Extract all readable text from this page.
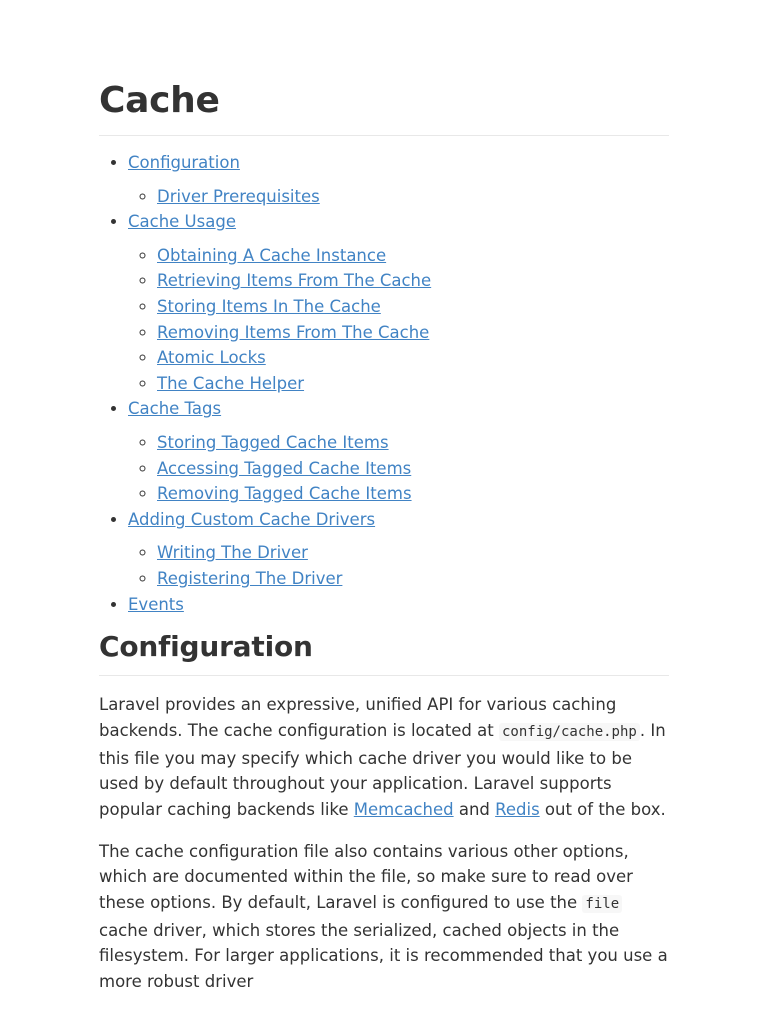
Cache
• Configuration
◦ Driver Prerequisites
• Cache Usage
◦ Obtaining A Cache Instance
◦ Retrieving Items From The Cache
◦ Storing Items In The Cache
◦ Removing Items From The Cache
◦ Atomic Locks
◦ The Cache Helper
• Cache Tags
◦ Storing Tagged Cache Items
◦ Accessing Tagged Cache Items
◦ Removing Tagged Cache Items
• Adding Custom Cache Drivers
◦ Writing The Driver
◦ Registering The Driver
• Events
Configuration

Laravel provides an expressive, unified API for various caching backends. The cache configuration is located at config/cache.php . In this file you may specify which cache driver you would like to be used by default throughout your application. Laravel supports popular caching backends like Memcached and Redis out of the box.

The cache configuration file also contains various other options, which are documented within the file, so make sure to read over these options. By default, Laravel is configured to use the file cache driver, which stores the serialized, cached objects in the filesystem. For larger applications, it is recommended that you use a more robust driver
